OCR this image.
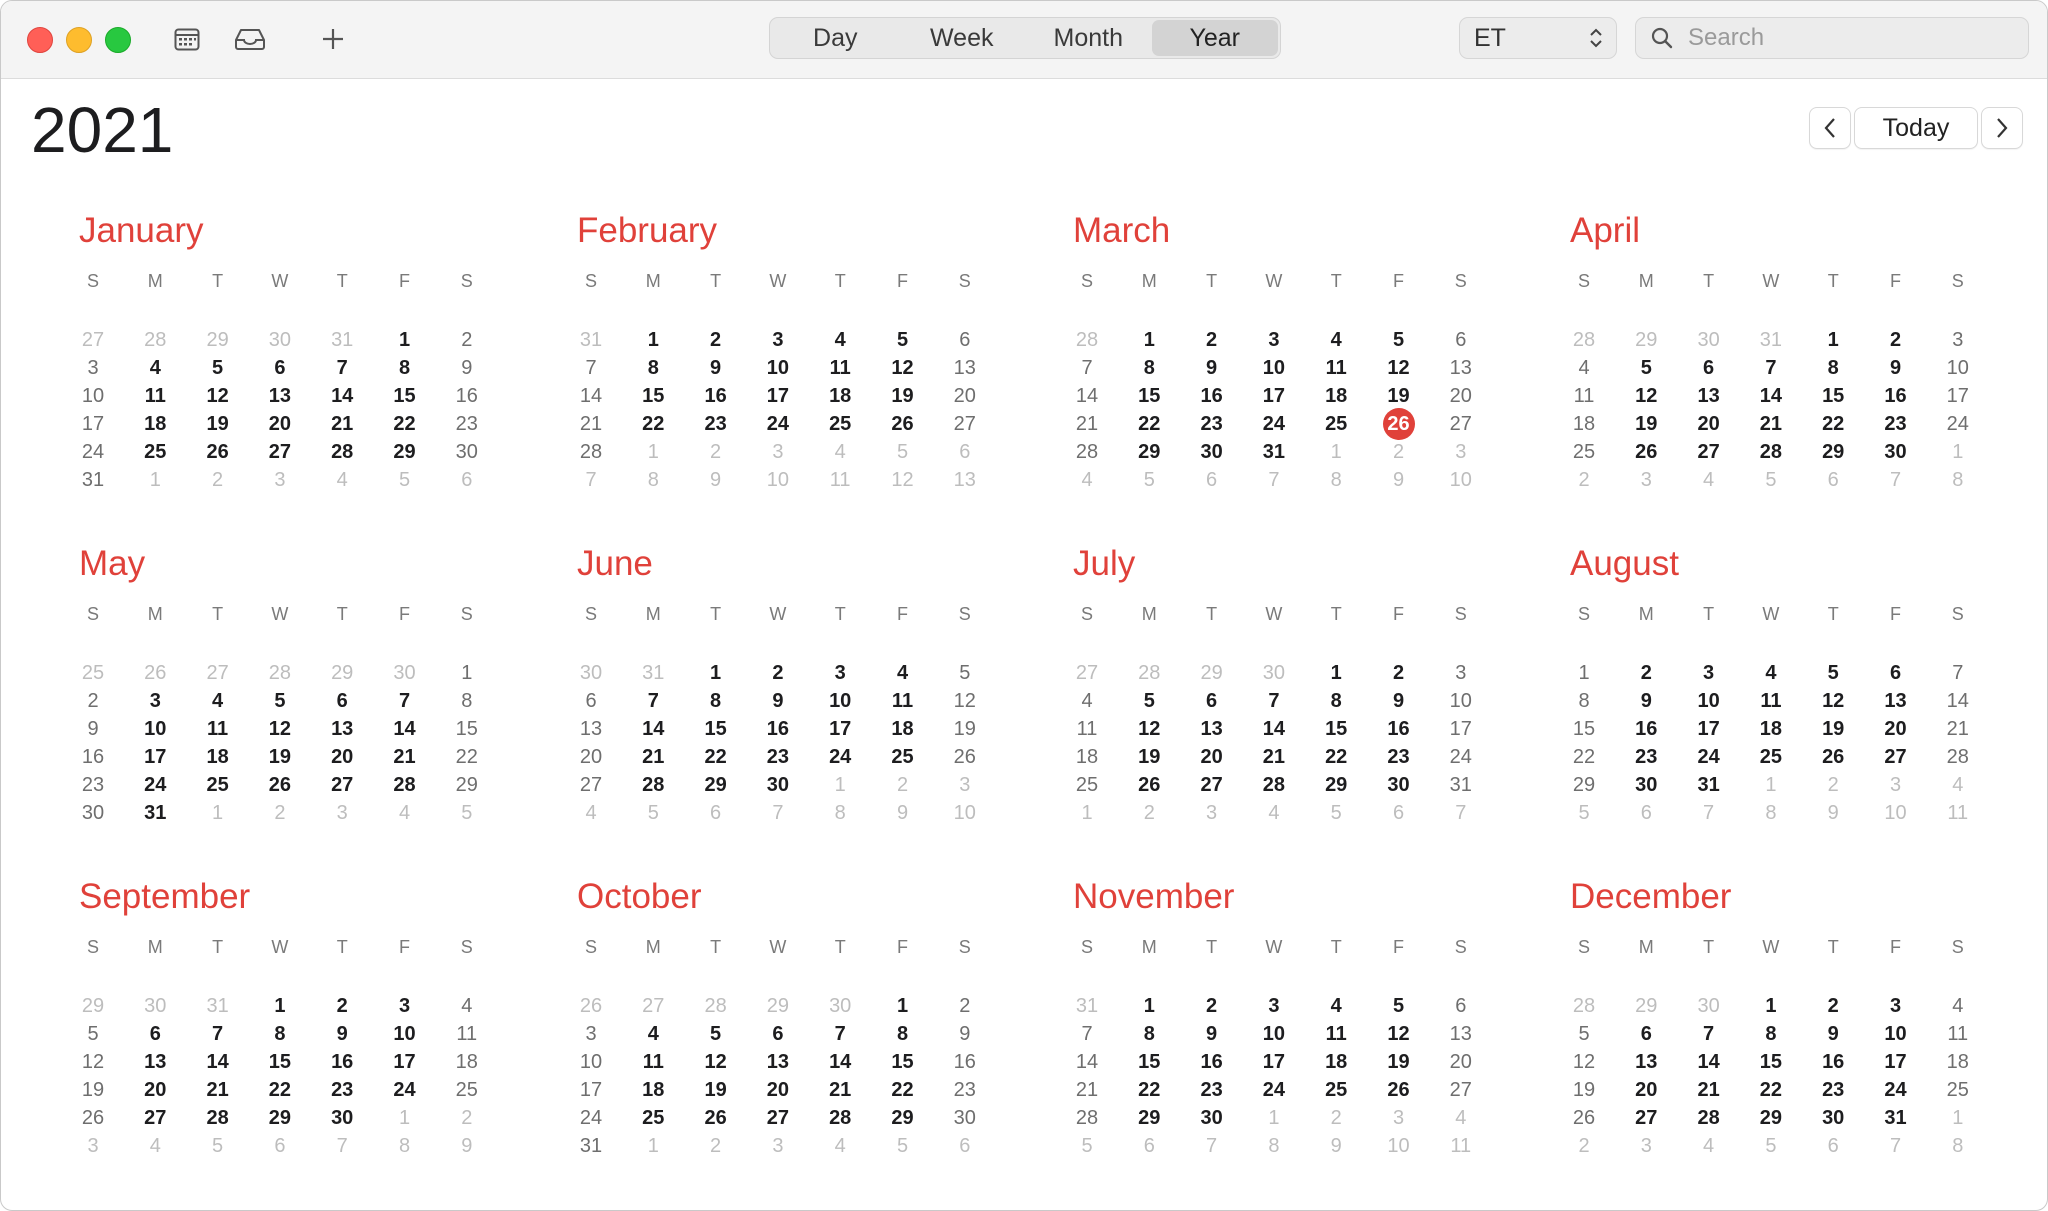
Day	Week	Month	Year	ET
Search
2021	Today
January
S	M	T	W	T	F	S
27	28	29	30	31	1	2
3	4	5	6	7	8	9
10	11	12	13	14	15	16
17	18	19	20	21	22	23
24	25	26	27	28	29	30
31	1	2	3	4	5	6
February
S	M	T	W	T	F	S
31	1	2	3	4	5	6
7	8	9	10	11	12	13
14	15	16	17	18	19	20
21	22	23	24	25	26	27
28	1	2	3	4	5	6
7	8	9	10	11	12	13
March
S	M	T	W	T	F	S
28	1	2	3	4	5	6
7	8	9	10	11	12	13
14	15	16	17	18	19	20
21	22	23	24	25	26	27
28	29	30	31	1	2	3
4	5	6	7	8	9	10
April
S	M	T	W	T	F	S
28	29	30	31	1	2	3
4	5	6	7	8	9	10
11	12	13	14	15	16	17
18	19	20	21	22	23	24
25	26	27	28	29	30	1
2	3	4	5	6	7	8
May
S	M	T	W	T	F	S
25	26	27	28	29	30	1
2	3	4	5	6	7	8
9	10	11	12	13	14	15
16	17	18	19	20	21	22
23	24	25	26	27	28	29
30	31	1	2	3	4	5
June
S	M	T	W	T	F	S
30	31	1	2	3	4	5
6	7	8	9	10	11	12
13	14	15	16	17	18	19
20	21	22	23	24	25	26
27	28	29	30	1	2	3
4	5	6	7	8	9	10
July
S	M	T	W	T	F	S
27	28	29	30	1	2	3
4	5	6	7	8	9	10
11	12	13	14	15	16	17
18	19	20	21	22	23	24
25	26	27	28	29	30	31
1	2	3	4	5	6	7
August
S	M	T	W	T	F	S
1	2	3	4	5	6	7
8	9	10	11	12	13	14
15	16	17	18	19	20	21
22	23	24	25	26	27	28
29	30	31	1	2	3	4
5	6	7	8	9	10	11
September
S	M	T	W	T	F	S
29	30	31	1	2	3	4
5	6	7	8	9	10	11
12	13	14	15	16	17	18
19	20	21	22	23	24	25
26	27	28	29	30	1	2
3	4	5	6	7	8	9
October
S	M	T	W	T	F	S
26	27	28	29	30	1	2
3	4	5	6	7	8	9
10	11	12	13	14	15	16
17	18	19	20	21	22	23
24	25	26	27	28	29	30
31	1	2	3	4	5	6
November
S	M	T	W	T	F	S
31	1	2	3	4	5	6
7	8	9	10	11	12	13
14	15	16	17	18	19	20
21	22	23	24	25	26	27
28	29	30	1	2	3	4
5	6	7	8	9	10	11
December
S	M	T	W	T	F	S
28	29	30	1	2	3	4
5	6	7	8	9	10	11
12	13	14	15	16	17	18
19	20	21	22	23	24	25
26	27	28	29	30	31	1
2	3	4	5	6	7	8
